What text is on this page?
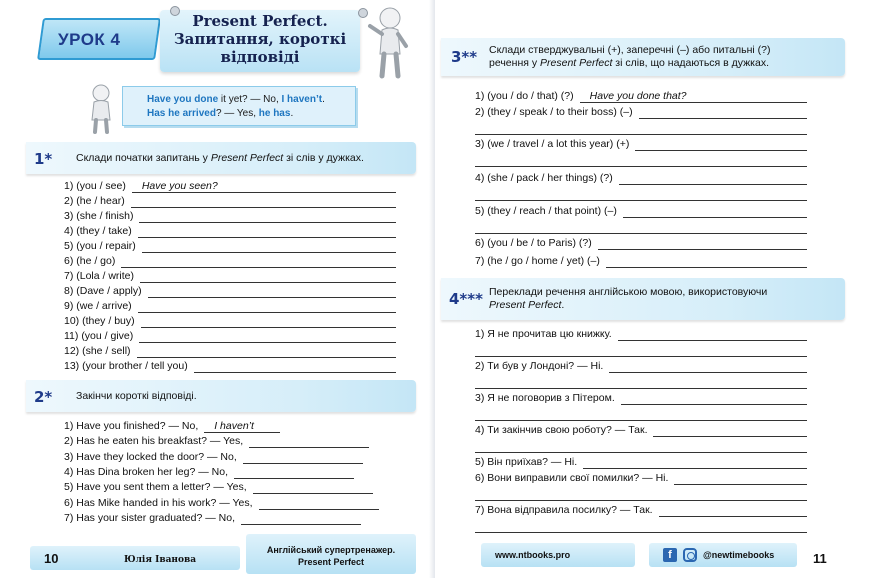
УРОК 4
Present Perfect.
Запитання, короткі
відповіді
Have you done it yet? — No, I haven’t.
Has he arrived? — Yes, he has.
1* Склади початки запитань у Present Perfect зі слів у дужках.
1) (you / see) Have you seen?
2) (he / hear)
3) (she / finish)
4) (they / take)
5) (you / repair)
6) (he / go)
7) (Lola / write)
8) (Dave / apply)
9) (we / arrive)
10) (they / buy)
11) (you / give)
12) (she / sell)
13) (your brother / tell you)
2* Закінчи короткі відповіді.
1) Have you finished? — No, I haven’t
2) Has he eaten his breakfast? — Yes,
3) Have they locked the door? — No,
4) Has Dina broken her leg? — No,
5) Have you sent them a letter? — Yes,
6) Has Mike handed in his work? — Yes,
7) Has your sister graduated? — No,
10	Юлія Іванова
Англійський супертренажер.
Present Perfect
3** Склади стверджувальні (+), заперечні (–) або питальні (?)
речення у Present Perfect зі слів, що надаються в дужках.
1) (you / do / that) (?) Have you done that?
2) (they / speak / to their boss) (–)
3) (we / travel / a lot this year) (+)
4) (she / pack / her things) (?)
5) (they / reach / that point) (–)
6) (you / be / to Paris) (?)
7) (he / go / home / yet) (–)
4*** Переклади речення англійською мовою, використовуючи
Present Perfect.
1) Я не прочитав цю книжку.
2) Ти був у Лондоні? — Ні.
3) Я не поговорив з Пітером.
4) Ти закінчив свою роботу? — Так.
5) Він приїхав? — Ні.
6) Вони виправили свої помилки? — Ні.
7) Вона відправила посилку? — Так.
www.ntbooks.pro	f	@newtimebooks	11
